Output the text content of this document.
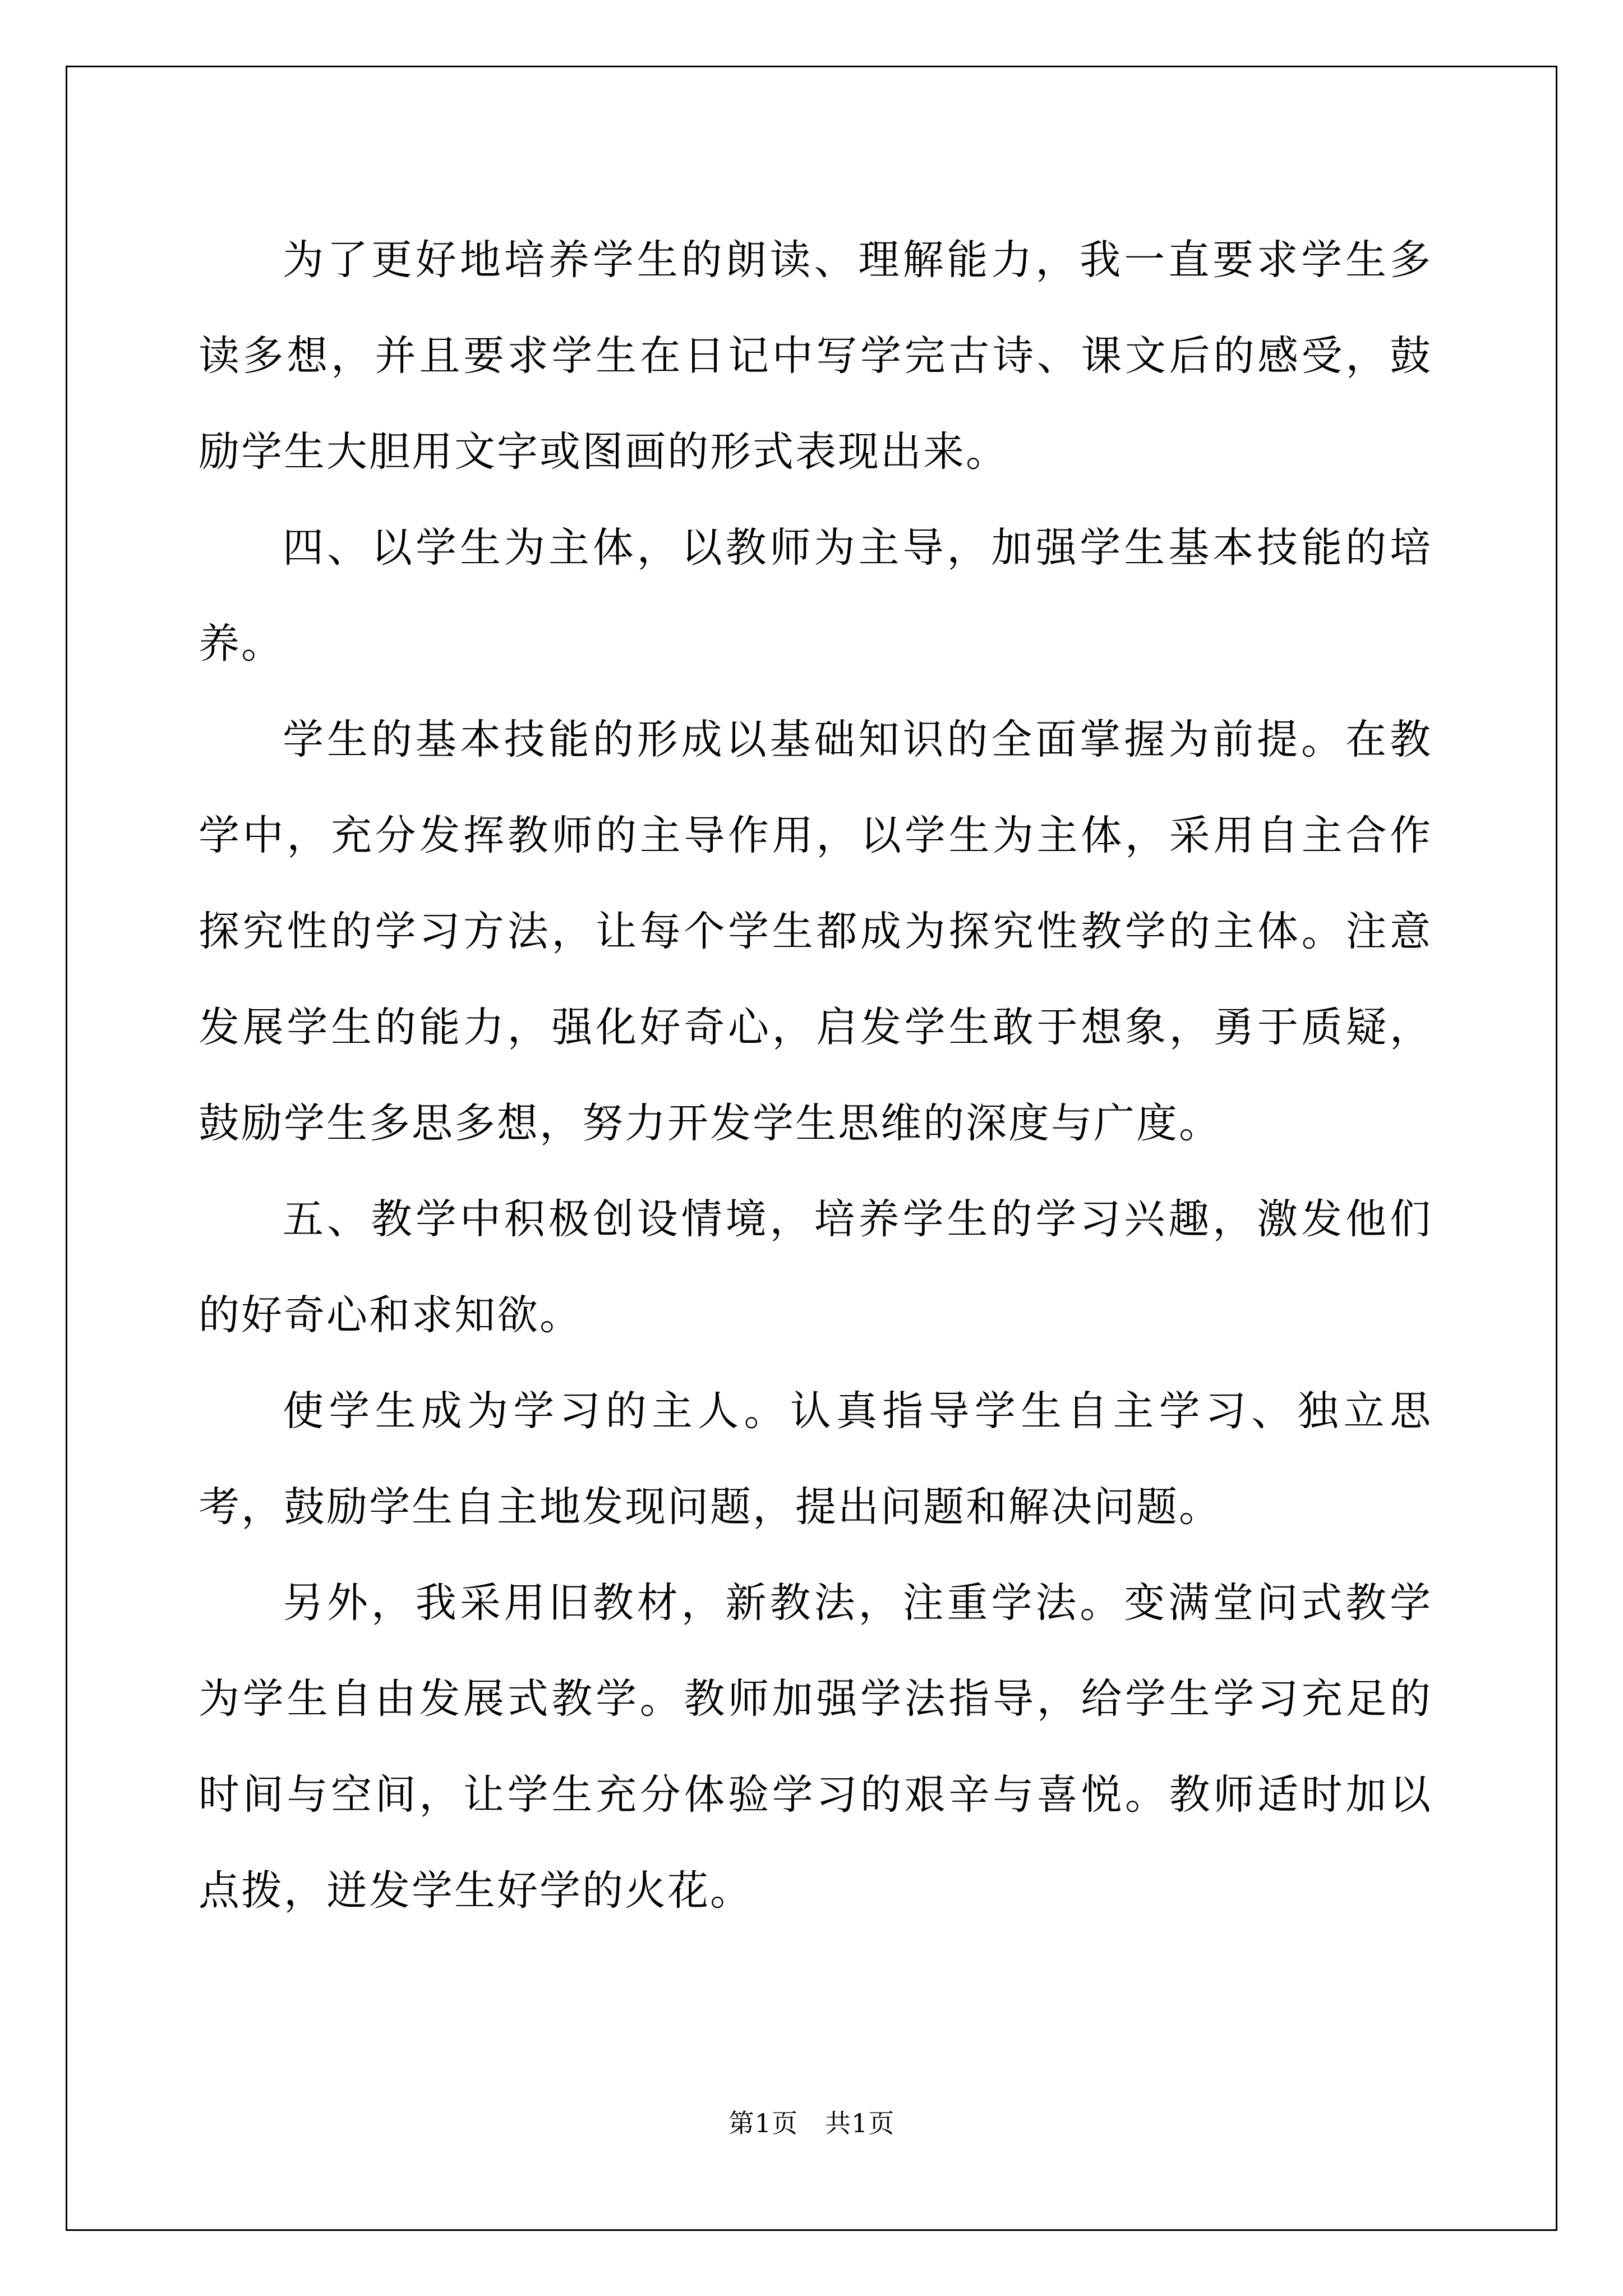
为了更好地培养学生的朗读、理解能力，我一直要求学生多读多想，并且要求学生在日记中写学完古诗、课文后的感受，鼓励学生大胆用文字或图画的形式表现出来。

四、以学生为主体，以教师为主导，加强学生基本技能的培养。

学生的基本技能的形成以基础知识的全面掌握为前提。在教学中，充分发挥教师的主导作用，以学生为主体，采用自主合作探究性的学习方法，让每个学生都成为探究性教学的主体。注意发展学生的能力，强化好奇心，启发学生敢于想象，勇于质疑，鼓励学生多思多想，努力开发学生思维的深度与广度。

五、教学中积极创设情境，培养学生的学习兴趣，激发他们的好奇心和求知欲。

使学生成为学习的主人。认真指导学生自主学习、独立思考，鼓励学生自主地发现问题，提出问题和解决问题。

另外，我采用旧教材，新教法，注重学法。变满堂问式教学为学生自由发展式教学。教师加强学法指导，给学生学习充足的时间与空间，让学生充分体验学习的艰辛与喜悦。教师适时加以点拨，迸发学生好学的火花。

第1页 共1页
